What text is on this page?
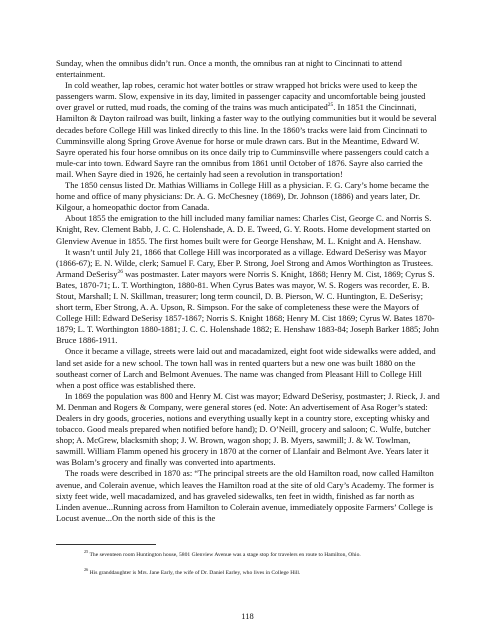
Sunday, when the omnibus didn’t run. Once a month, the omnibus ran at night to Cincinnati to attend entertainment.

In cold weather, lap robes, ceramic hot water bottles or straw wrapped hot bricks were used to keep the passengers warm. Slow, expensive in its day, limited in passenger capacity and uncomfortable being jousted over gravel or rutted, mud roads, the coming of the trains was much anticipated$^{25}$. In 1851 the Cincinnati, Hamilton & Dayton railroad was built, linking a faster way to the outlying communities but it would be several decades before College Hill was linked directly to this line. In the 1860’s tracks were laid from Cincinnati to Cumminsville along Spring Grove Avenue for horse or mule drawn cars. But in the Meantime, Edward W. Sayre operated his four horse omnibus on its once daily trip to Cumminsville where passengers could catch a mule-car into town. Edward Sayre ran the omnibus from 1861 until October of 1876. Sayre also carried the mail. When Sayre died in 1926, he certainly had seen a revolution in transportation!

The 1850 census listed Dr. Mathias Williams in College Hill as a physician. F. G. Cary’s home became the home and office of many physicians: Dr. A. G. McChesney (1869), Dr. Johnson (1886) and years later, Dr. Kilgour, a homeopathic doctor from Canada.

About 1855 the emigration to the hill included many familiar names: Charles Cist, George C. and Norris S. Knight, Rev. Clement Babb, J. C. C. Holenshade, A. D. E. Tweed, G. Y. Roots. Home development started on Glenview Avenue in 1855. The first homes built were for George Henshaw, M. L. Knight and A. Henshaw.

It wasn’t until July 21, 1866 that College Hill was incorporated as a village. Edward DeSerisy was Mayor (1866-67); E. N. Wilde, clerk; Samuel F. Cary, Eber P. Strong, Joel Strong and Amos Worthington as Trustees. Armand DeSerisy$^{26}$ was postmaster. Later mayors were Norris S. Knight, 1868; Henry M. Cist, 1869; Cyrus S. Bates, 1870-71; L. T. Worthington, 1880-81. When Cyrus Bates was mayor, W. S. Rogers was recorder, E. B. Stout, Marshall; I. N. Skillman, treasurer; long term council, D. B. Pierson, W. C. Huntington, E. DeSerisy; short term, Eber Strong, A. A. Upson, R. Simpson. For the sake of completeness these were the Mayors of College Hill: Edward DeSerisy 1857-1867; Norris S. Knight 1868; Henry M. Cist 1869; Cyrus W. Bates 1870-1879; L. T. Worthington 1880-1881; J. C. C. Holenshade 1882; E. Henshaw 1883-84; Joseph Barker 1885; John Bruce 1886-1911.

Once it became a village, streets were laid out and macadamized, eight foot wide sidewalks were added, and land set aside for a new school. The town hall was in rented quarters but a new one was built 1880 on the southeast corner of Larch and Belmont Avenues. The name was changed from Pleasant Hill to College Hill when a post office was established there.

In 1869 the population was 800 and Henry M. Cist was mayor; Edward DeSerisy, postmaster; J. Rieck, J. and M. Denman and Rogers & Company, were general stores (ed. Note: An advertisement of Asa Roger’s stated: Dealers in dry goods, groceries, notions and everything usually kept in a country store, excepting whisky and tobacco. Good meals prepared when notified before hand); D. O’Neill, grocery and saloon; C. Wulfe, butcher shop; A. McGrew, blacksmith shop; J. W. Brown, wagon shop; J. B. Myers, sawmill; J. & W. Towlman, sawmill. William Flamm opened his grocery in 1870 at the corner of Llanfair and Belmont Ave. Years later it was Bolam’s grocery and finally was converted into apartments.

The roads were described in 1870 as: “The principal streets are the old Hamilton road, now called Hamilton avenue, and Colerain avenue, which leaves the Hamilton road at the site of old Cary’s Academy. The former is sixty feet wide, well macadamized, and has graveled sidewalks, ten feet in width, finished as far north as Linden avenue...Running across from Hamilton to Colerain avenue, immediately opposite Farmers’ College is Locust avenue...On the north side of this is the

$^{25}$ The seventeen room Huntington house, 5801 Glenview Avenue was a stage stop for travelers en route to Hamilton, Ohio.

$^{26}$ His granddaughter is Mrs. Jane Early, the wife of Dr. Daniel Earley, who lives in College Hill.

118
